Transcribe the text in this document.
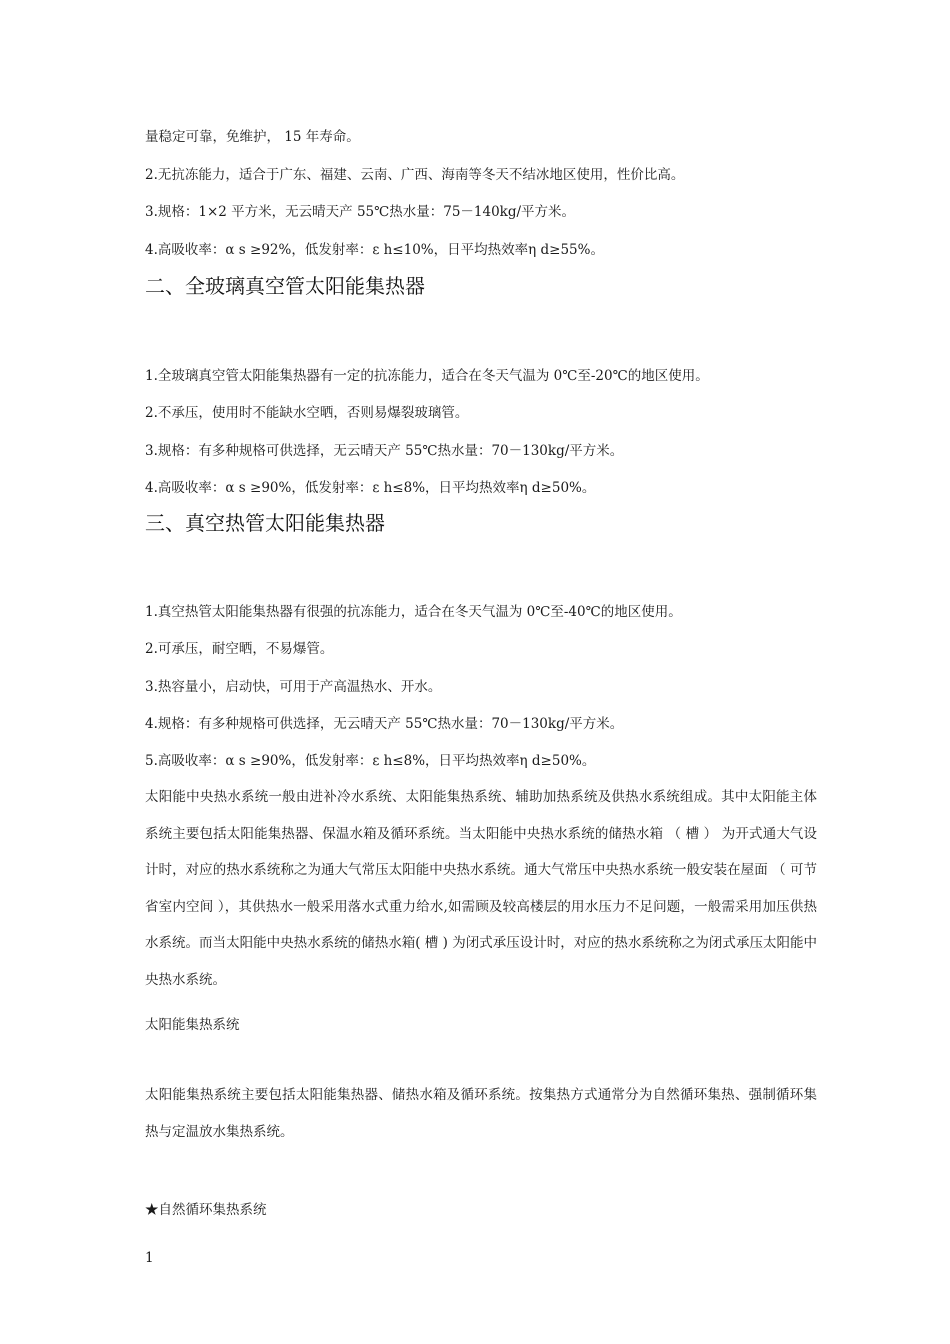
量稳定可靠，免维护， 15 年寿命。
2.无抗冻能力，适合于广东、福建、云南、广西、海南等冬天不结冰地区使用，性价比高。
3.规格：1×2 平方米，无云晴天产 55℃热水量：75－140kg/平方米。
4.高吸收率：α s ≥92%，低发射率：ε h≤10%，日平均热效率η d≥55%。
二、全玻璃真空管太阳能集热器
1.全玻璃真空管太阳能集热器有一定的抗冻能力，适合在冬天气温为 0℃至-20℃的地区使用。
2.不承压，使用时不能缺水空晒，否则易爆裂玻璃管。
3.规格：有多种规格可供选择，无云晴天产 55℃热水量：70－130kg/平方米。
4.高吸收率：α s ≥90%，低发射率：ε h≤8%，日平均热效率η d≥50%。
三、真空热管太阳能集热器
1.真空热管太阳能集热器有很强的抗冻能力，适合在冬天气温为 0℃至-40℃的地区使用。
2.可承压，耐空晒，不易爆管。
3.热容量小，启动快，可用于产高温热水、开水。
4.规格：有多种规格可供选择，无云晴天产 55℃热水量：70－130kg/平方米。
5.高吸收率：α s ≥90%，低发射率：ε h≤8%，日平均热效率η d≥50%。
太阳能中央热水系统一般由进补冷水系统、太阳能集热系统、辅助加热系统及供热水系统组成。其中太阳能主体系统主要包括太阳能集热器、保温水箱及循环系统。当太阳能中央热水系统的储热水箱 （ 槽 ） 为开式通大气设计时，对应的热水系统称之为通大气常压太阳能中央热水系统。通大气常压中央热水系统一般安装在屋面 （ 可节省室内空间 ），其供热水一般采用落水式重力给水,如需顾及较高楼层的用水压力不足问题，一般需采用加压供热水系统。而当太阳能中央热水系统的储热水箱( 槽 ) 为闭式承压设计时，对应的热水系统称之为闭式承压太阳能中央热水系统。
太阳能集热系统
太阳能集热系统主要包括太阳能集热器、储热水箱及循环系统。按集热方式通常分为自然循环集热、强制循环集热与定温放水集热系统。
★自然循环集热系统
1
